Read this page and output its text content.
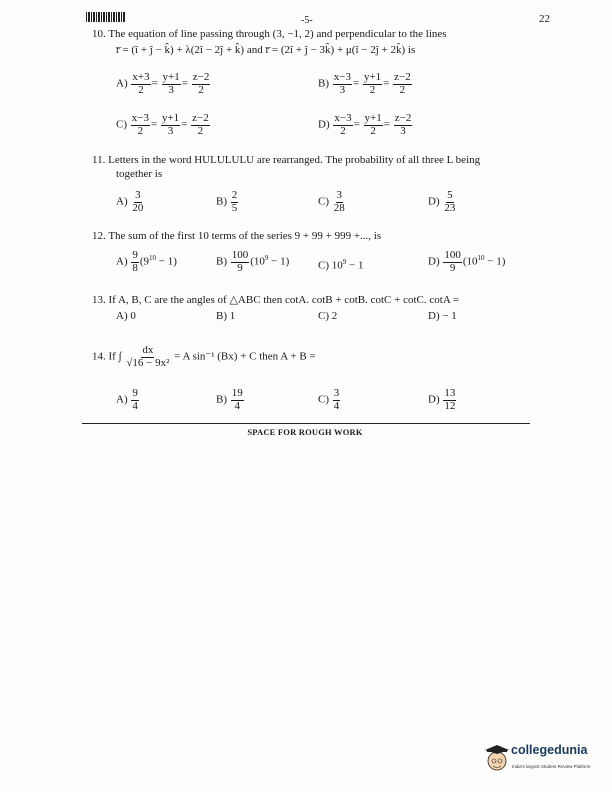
-5-	22
10. The equation of line passing through (3, −1, 2) and perpendicular to the lines
r̅ = (î + ĵ − k̂) + λ(2î − 2ĵ + k̂) and r̅ = (2î + ĵ − 3k̂) + μ(î − 2ĵ + 2k̂) is
$A) \frac{x+3}{2} = \frac{y+1}{3} = \frac{z-2}{2}$	$B) \frac{x-3}{3} = \frac{y+1}{2} = \frac{z-2}{2}$
$C) \frac{x-3}{2} = \frac{y+1}{3} = \frac{z-2}{2}$	$D) \frac{x-3}{2} = \frac{y+1}{2} = \frac{z-2}{3}$
11. Letters in the word HULULULU are rearranged. The probability of all three L being
together is
$A) \frac{3}{20}$	$B) \frac{2}{5}$	$C) \frac{3}{28}$	$D) \frac{5}{23}$
12. The sum of the first 10 terms of the series 9 + 99 + 999 +..., is
$A) \frac{9}{8} (9^{10} - 1)$	$B) \frac{100}{9} (10^9 - 1)$	C) $10^9 - 1$	$D) \frac{100}{9} (10^{10} - 1)$
13. If A, B, C are the angles of △ABC then cotA. cotB + cotB. cotC + cotC. cotA =
A) 0	B) 1	C) 2	D) − 1
14. If ∫ $\frac{dx}{\text{√16 − 9x²}} = A$ sin⁻¹ (Bx) + C then A + B =
$A) \frac{9}{4}$	$B) \frac{19}{4}$	$C) \frac{3}{4}$	$D) \frac{13}{12}$
SPACE FOR ROUGH WORK
collegedunia
India's largest Student Review Platform
